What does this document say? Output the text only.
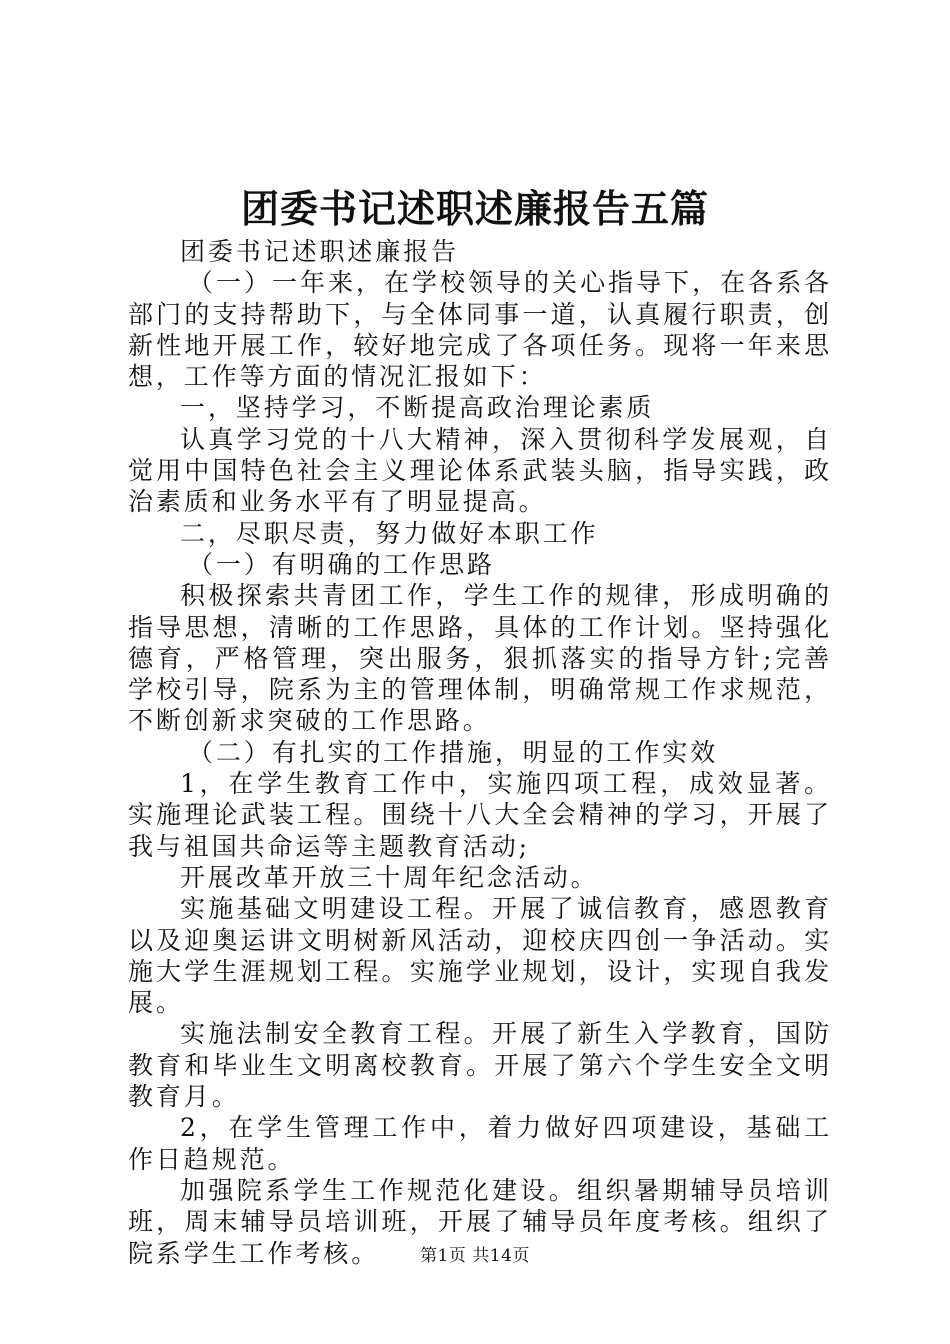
团委书记述职述廉报告五篇

团委书记述职述廉报告

（一）一年来，在学校领导的关心指导下，在各系各部门的支持帮助下，与全体同事一道，认真履行职责，创新性地开展工作，较好地完成了各项任务。现将一年来思想，工作等方面的情况汇报如下：

一，坚持学习，不断提高政治理论素质

认真学习党的十八大精神，深入贯彻科学发展观，自觉用中国特色社会主义理论体系武装头脑，指导实践，政治素质和业务水平有了明显提高。

二，尽职尽责，努力做好本职工作

（一）有明确的工作思路

积极探索共青团工作，学生工作的规律，形成明确的指导思想，清晰的工作思路，具体的工作计划。坚持强化德育，严格管理，突出服务，狠抓落实的指导方针;完善学校引导，院系为主的管理体制，明确常规工作求规范，不断创新求突破的工作思路。

（二）有扎实的工作措施，明显的工作实效

1，在学生教育工作中，实施四项工程，成效显著。实施理论武装工程。围绕十八大全会精神的学习，开展了我与祖国共命运等主题教育活动;

开展改革开放三十周年纪念活动。

实施基础文明建设工程。开展了诚信教育，感恩教育以及迎奥运讲文明树新风活动，迎校庆四创一争活动。实施大学生涯规划工程。实施学业规划，设计，实现自我发展。

实施法制安全教育工程。开展了新生入学教育，国防教育和毕业生文明离校教育。开展了第六个学生安全文明教育月。

2，在学生管理工作中，着力做好四项建设，基础工作日趋规范。

加强院系学生工作规范化建设。组织暑期辅导员培训班，周末辅导员培训班，开展了辅导员年度考核。组织了院系学生工作考核。	第1页 共14页
